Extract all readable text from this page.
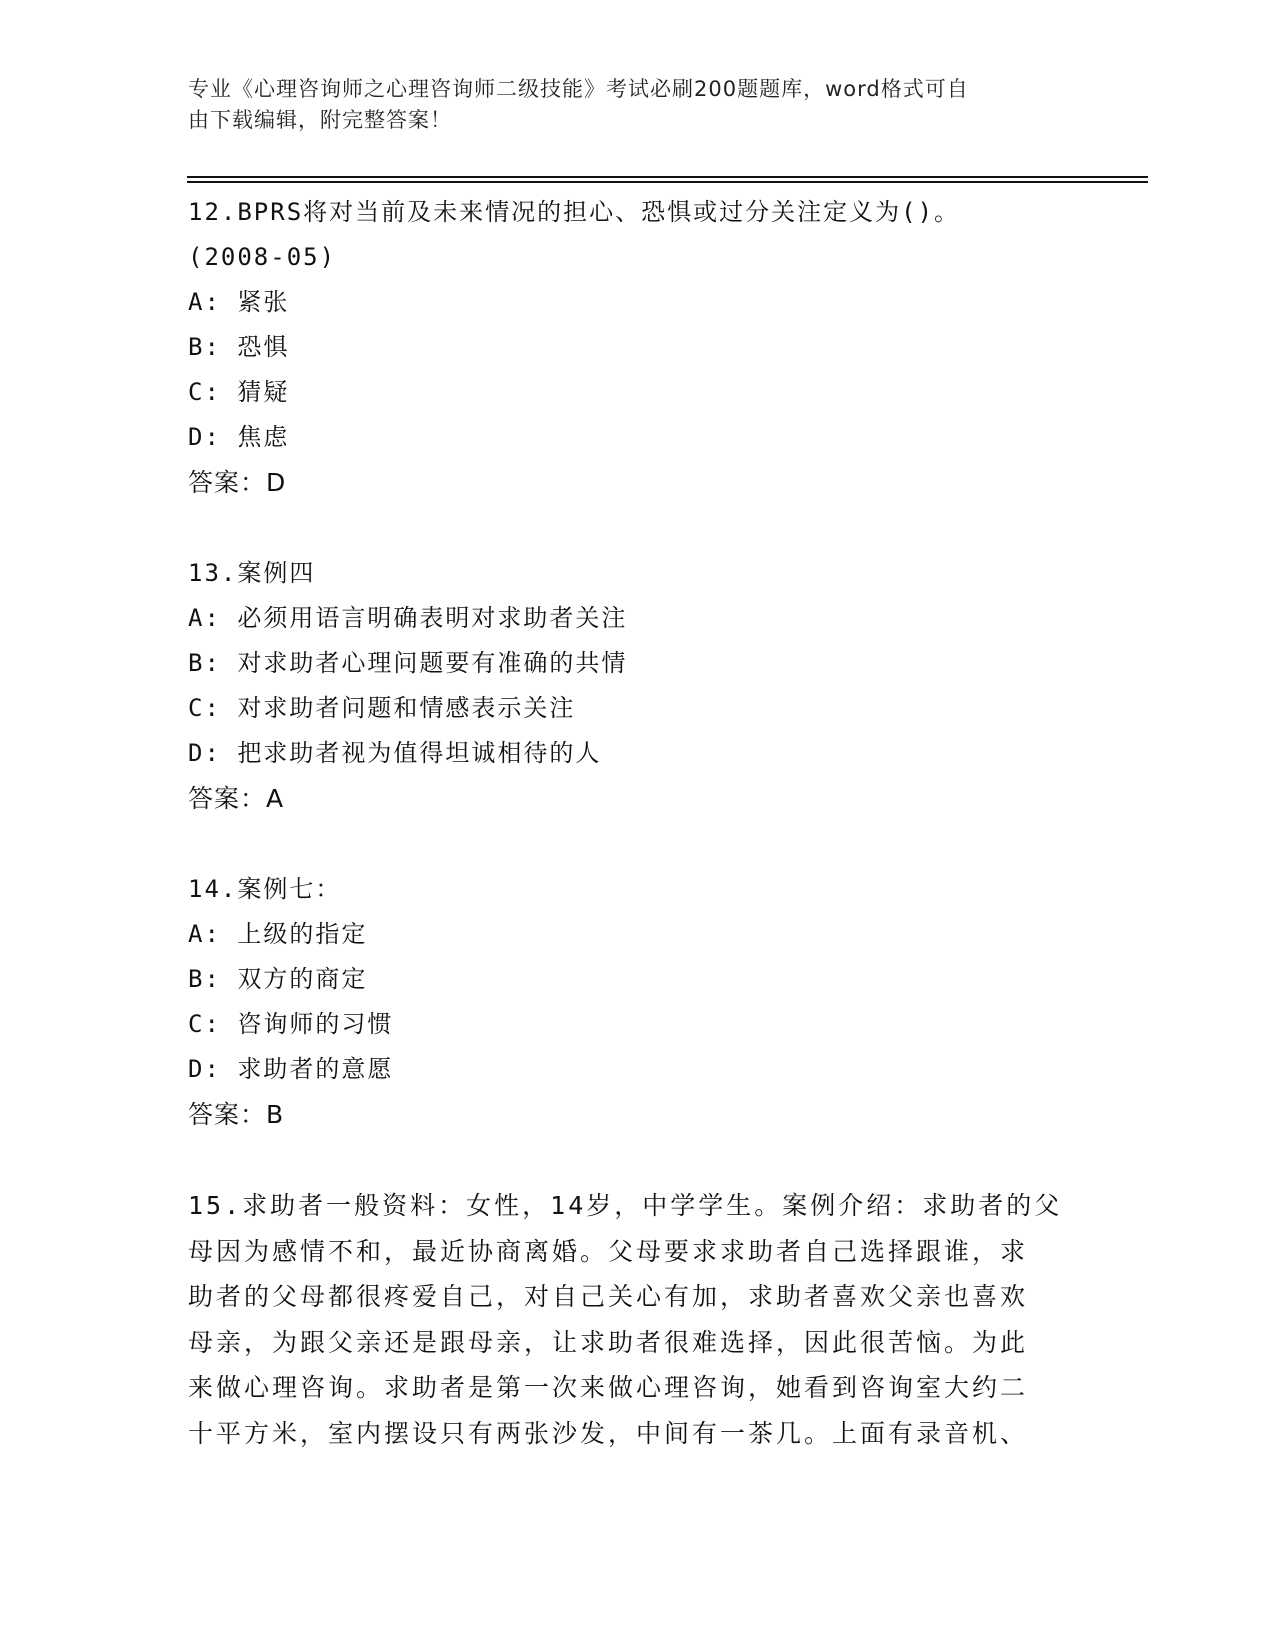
专业《心理咨询师之心理咨询师二级技能》考试必刷200题题库，word格式可自
由下载编辑，附完整答案！
12.BPRS将对当前及未来情况的担心、恐惧或过分关注定义为()。
(2008-05)
A: 紧张
B: 恐惧
C: 猜疑
D: 焦虑
答案：D
13.案例四
A: 必须用语言明确表明对求助者关注
B: 对求助者心理问题要有准确的共情
C: 对求助者问题和情感表示关注
D: 把求助者视为值得坦诚相待的人
答案：A
14.案例七：
A: 上级的指定
B: 双方的商定
C: 咨询师的习惯
D: 求助者的意愿
答案：B
15.求助者一般资料：女性，14岁，中学学生。案例介绍：求助者的父
母因为感情不和，最近协商离婚。父母要求求助者自己选择跟谁，求
助者的父母都很疼爱自己，对自己关心有加，求助者喜欢父亲也喜欢
母亲，为跟父亲还是跟母亲，让求助者很难选择，因此很苦恼。为此
来做心理咨询。求助者是第一次来做心理咨询，她看到咨询室大约二
十平方米，室内摆设只有两张沙发，中间有一茶几。上面有录音机、
